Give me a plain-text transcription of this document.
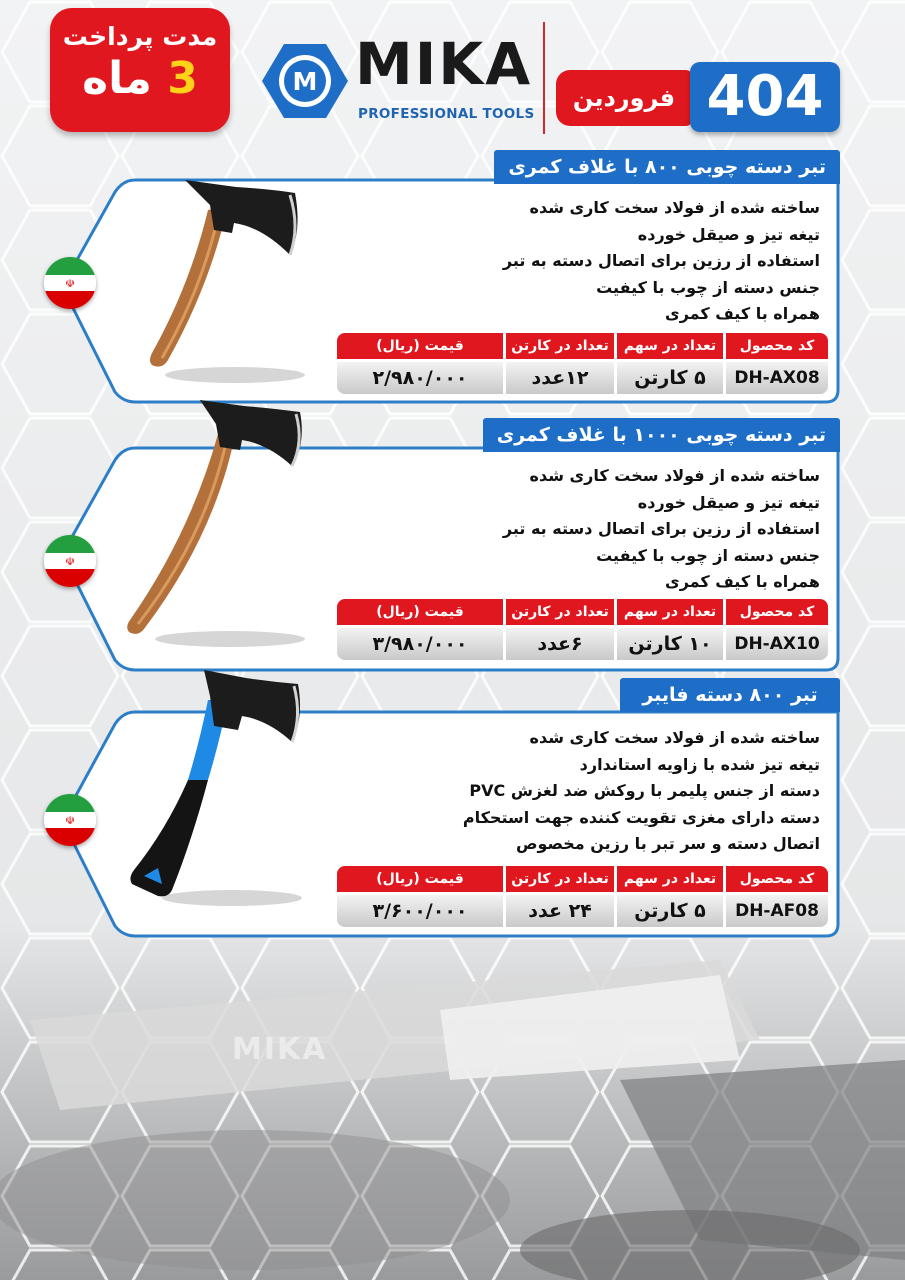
MIKA
مدت پرداخت
3 ماه	M MIKA
PROFESSIONAL TOOLS
فروردین 404
تبر دسته چوبی ۸۰۰ با غلاف کمری
ساخته شده از فولاد سخت کاری شده
تیغه تیز و صیقل خورده
استفاده از رزین برای اتصال دسته به تبر
جنس دسته از چوب با کیفیت
همراه با کیف کمری
کد محصول
تعداد در سهم
تعداد در کارتن
قیمت (ریال)
DH-AX08
۵ کارتن
۱۲عدد
۲/۹۸۰/۰۰۰
☫
تبر دسته چوبی ۱۰۰۰ با غلاف کمری
ساخته شده از فولاد سخت کاری شده
تیغه تیز و صیقل خورده
استفاده از رزین برای اتصال دسته به تبر
جنس دسته از چوب با کیفیت
همراه با کیف کمری
کد محصول
تعداد در سهم
تعداد در کارتن
قیمت (ریال)
DH-AX10
۱۰ کارتن
۶عدد
۳/۹۸۰/۰۰۰
☫
تبر ۸۰۰ دسته فایبر
ساخته شده از فولاد سخت کاری شده
تیغه تیز شده با زاویه استاندارد
دسته از جنس پلیمر با روکش ضد لغزش PVC
دسته دارای مغزی تقویت کننده جهت استحکام
اتصال دسته و سر تبر با رزین مخصوص
کد محصول
تعداد در سهم
تعداد در کارتن
قیمت (ریال)
DH-AF08
۵ کارتن
۲۴ عدد
۳/۶۰۰/۰۰۰
☫
